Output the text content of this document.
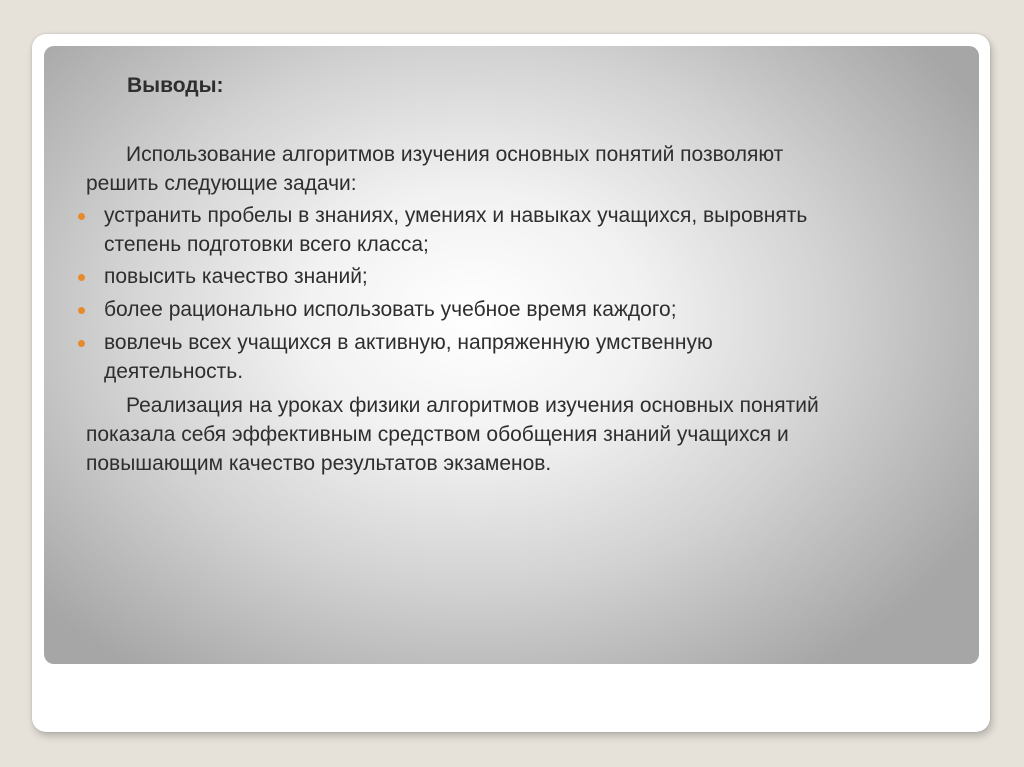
Выводы:
Использование алгоритмов изучения основных понятий позволяют
решить следующие задачи:
устранить пробелы в знаниях, умениях и навыках учащихся, выровнять
степень подготовки всего класса;
повысить качество знаний;
более рационально использовать учебное время каждого;
вовлечь всех учащихся в активную, напряженную умственную
деятельность.
Реализация на уроках физики алгоритмов изучения основных понятий
показала себя эффективным средством обобщения знаний учащихся и
повышающим качество результатов экзаменов.
